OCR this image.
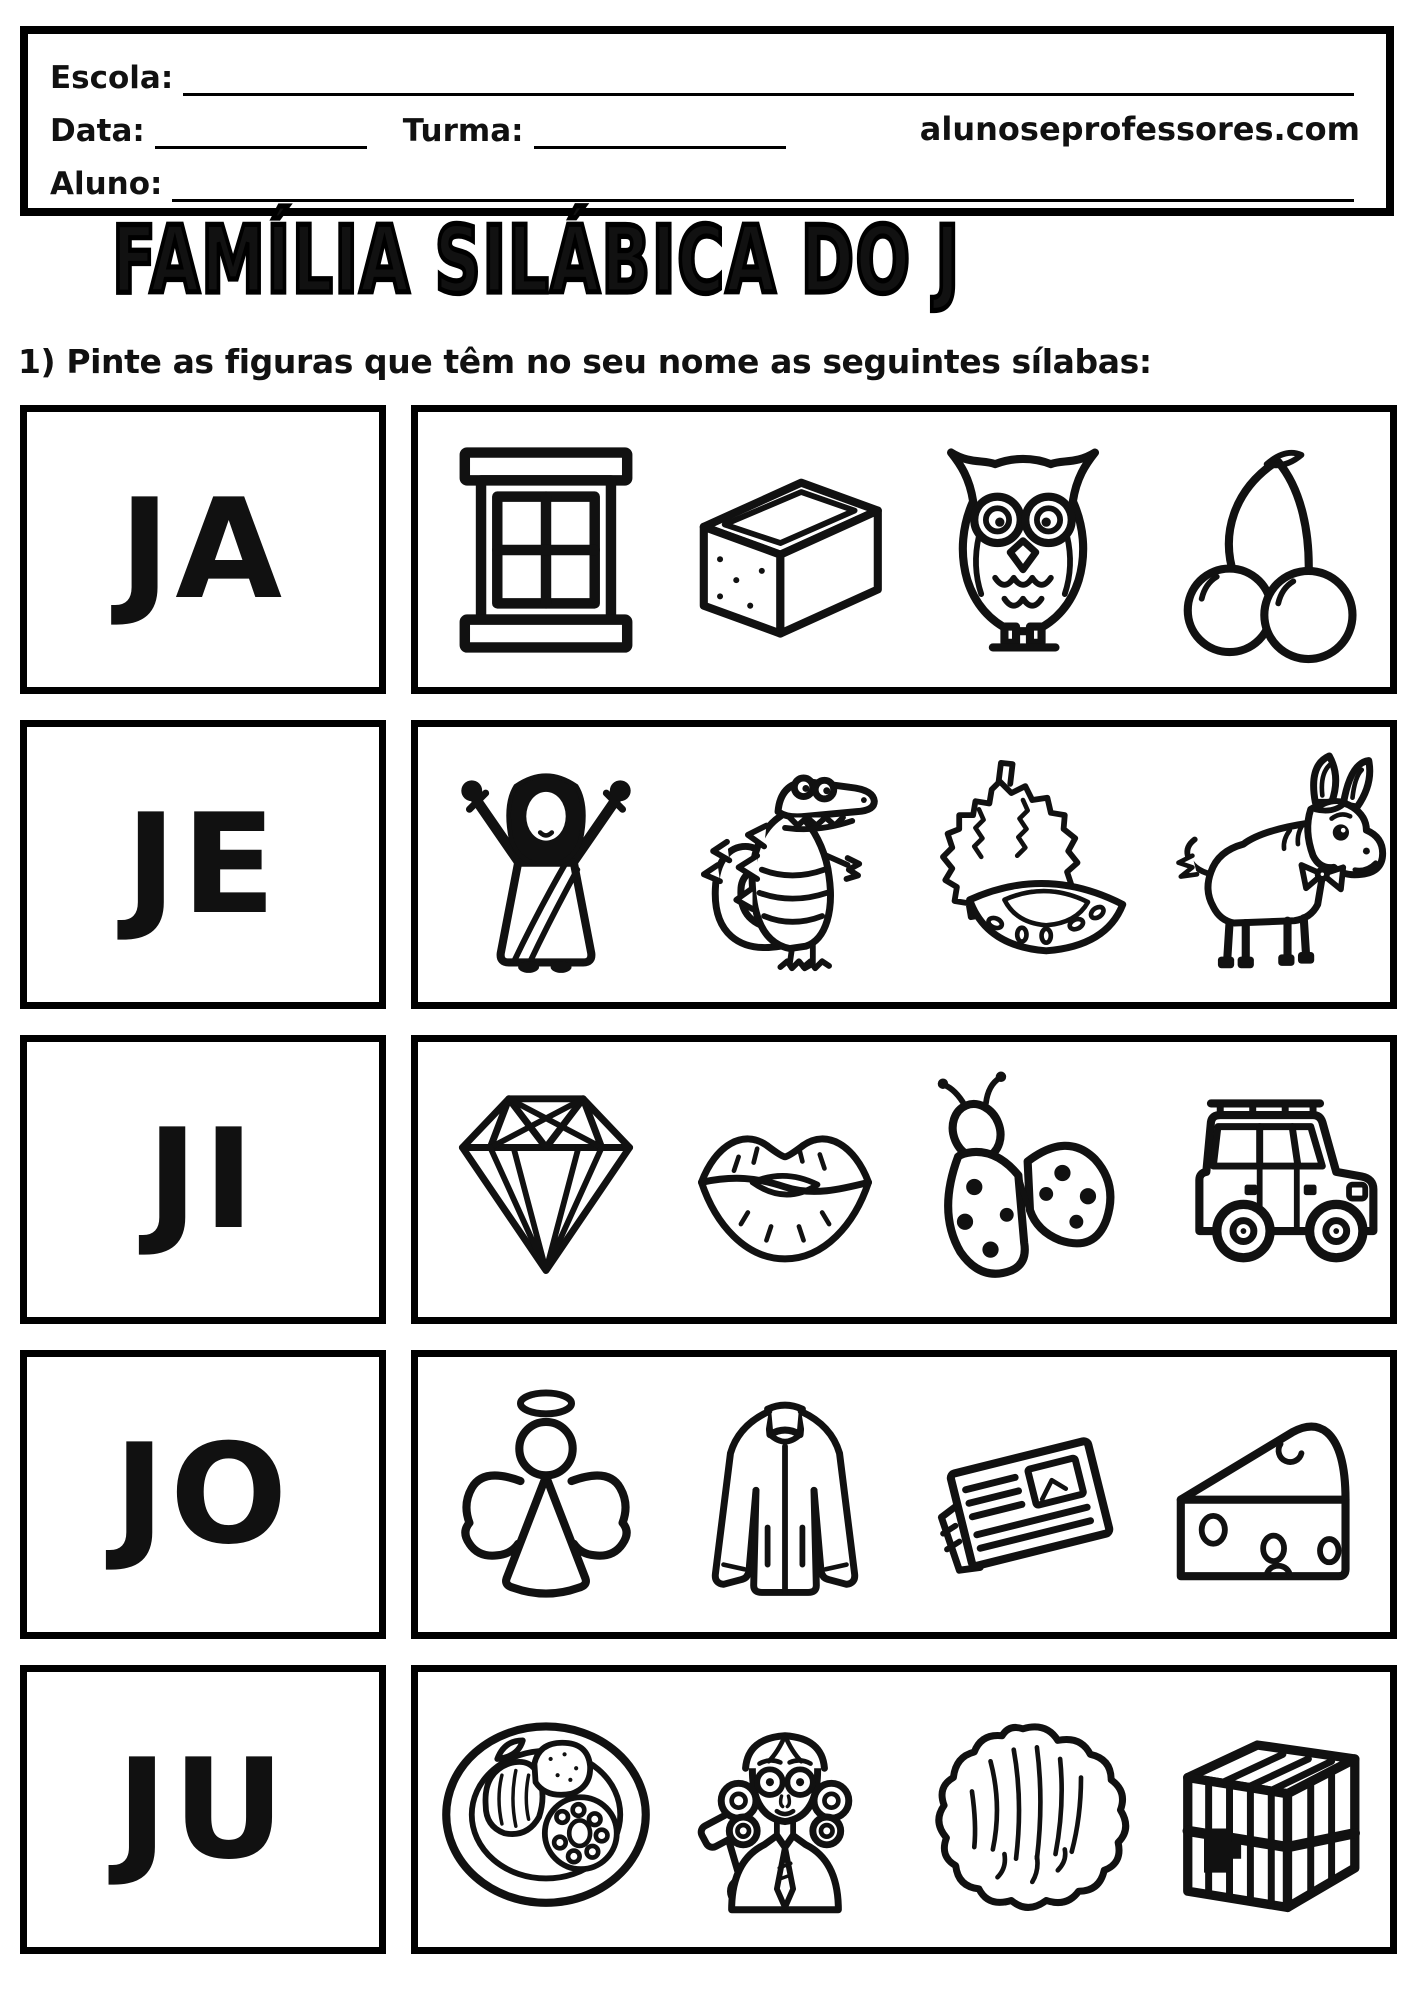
Escola:
Data:	Turma:	alunoseprofessores.com
Aluno:
FAMÍLIA SILÁBICA DO J
1) Pinte as figuras que têm no seu nome as seguintes sílabas:
JA
JE
JI
JO
JU
